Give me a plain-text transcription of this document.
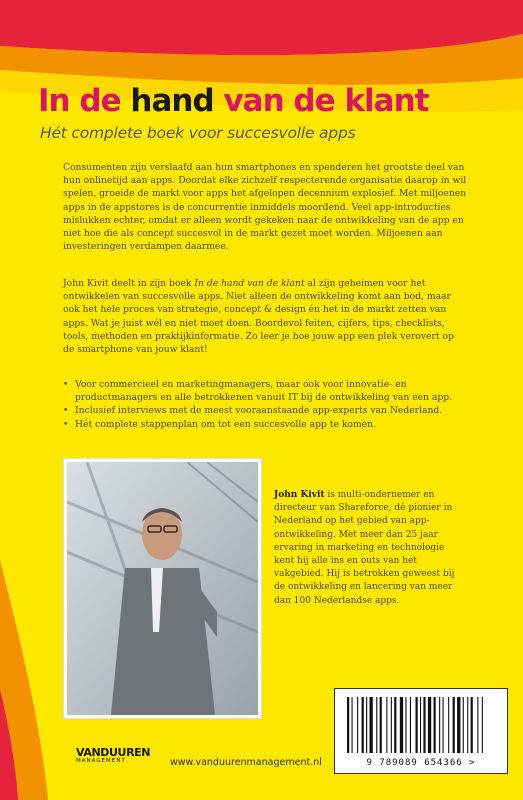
In de hand van de klant
Hét complete boek voor succesvolle apps

Consumenten zijn verslaafd aan hun smartphones en spenderen het grootste deel van hun onlinetijd aan apps. Doordat elke zichzelf respecterende organisatie daarop in wil spelen, groeide de markt voor apps het afgelopen decennium explosief. Met miljoenen apps in de appstores is de concurrentie inmiddels moordend. Veel app-introducties mislukken echter, omdat er alleen wordt gekeken naar de ontwikkeling van de app en niet hoe die als concept succesvol in de markt gezet moet worden. Miljoenen aan investeringen verdampen daarmee.

John Kivit deelt in zijn boek In de hand van de klant al zijn geheimen voor het ontwikkelen van succesvolle apps. Niet alleen de ontwikkeling komt aan bod, maar ook het hele proces van strategie, concept & design én het in de markt zetten van apps. Wat je juist wél en niet moet doen. Boordevol feiten, cijfers, tips, checklists, tools, methoden en praktijkinformatie. Zo leer je hoe jouw app een plek verovert op de smartphone van jouw klant!

• Voor commercieel en marketingmanagers, maar ook voor innovatie- en productmanagers en alle betrokkenen vanuit IT bij de ontwikkeling van een app.
• Inclusief interviews met de meest vooraanstaande app-experts van Nederland.
• Hét complete stappenplan om tot een succesvolle app te komen.

John Kivit is multi-ondernemer en directeur van Shareforce, dé pionier in Nederland op het gebied van app-ontwikkeling. Met meer dan 25 jaar ervaring in marketing en technologie kent hij alle ins en outs van het vakgebied. Hij is betrokken geweest bij de ontwikkeling en lancering van meer dan 100 Nederlandse apps.

9 789089 654366 >
VANDUUREN
MANAGEMENT	www.vanduurenmanagement.nl
